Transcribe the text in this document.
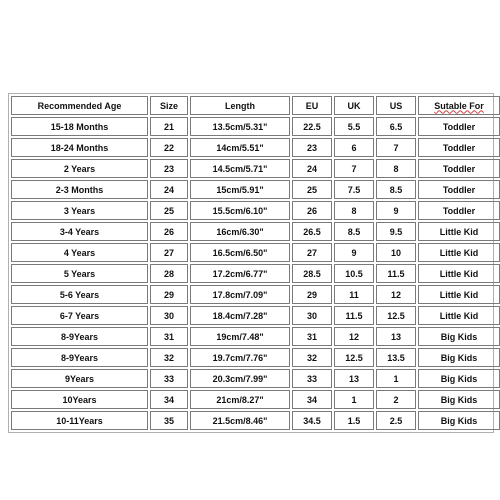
Recommended Age	Size	Length	EU	UK	US	Sutable For
15-18 Months	21	13.5cm/5.31"	22.5	5.5	6.5	Toddler
18-24 Months	22	14cm/5.51"	23	6	7	Toddler
2 Years	23	14.5cm/5.71"	24	7	8	Toddler
2-3 Months	24	15cm/5.91"	25	7.5	8.5	Toddler
3 Years	25	15.5cm/6.10"	26	8	9	Toddler
3-4 Years	26	16cm/6.30"	26.5	8.5	9.5	Little Kid
4 Years	27	16.5cm/6.50"	27	9	10	Little Kid
5 Years	28	17.2cm/6.77"	28.5	10.5	11.5	Little Kid
5-6 Years	29	17.8cm/7.09"	29	11	12	Little Kid
6-7 Years	30	18.4cm/7.28"	30	11.5	12.5	Little Kid
8-9Years	31	19cm/7.48"	31	12	13	Big Kids
8-9Years	32	19.7cm/7.76"	32	12.5	13.5	Big Kids
9Years	33	20.3cm/7.99"	33	13	1	Big Kids
10Years	34	21cm/8.27"	34	1	2	Big Kids
10-11Years	35	21.5cm/8.46"	34.5	1.5	2.5	Big Kids
